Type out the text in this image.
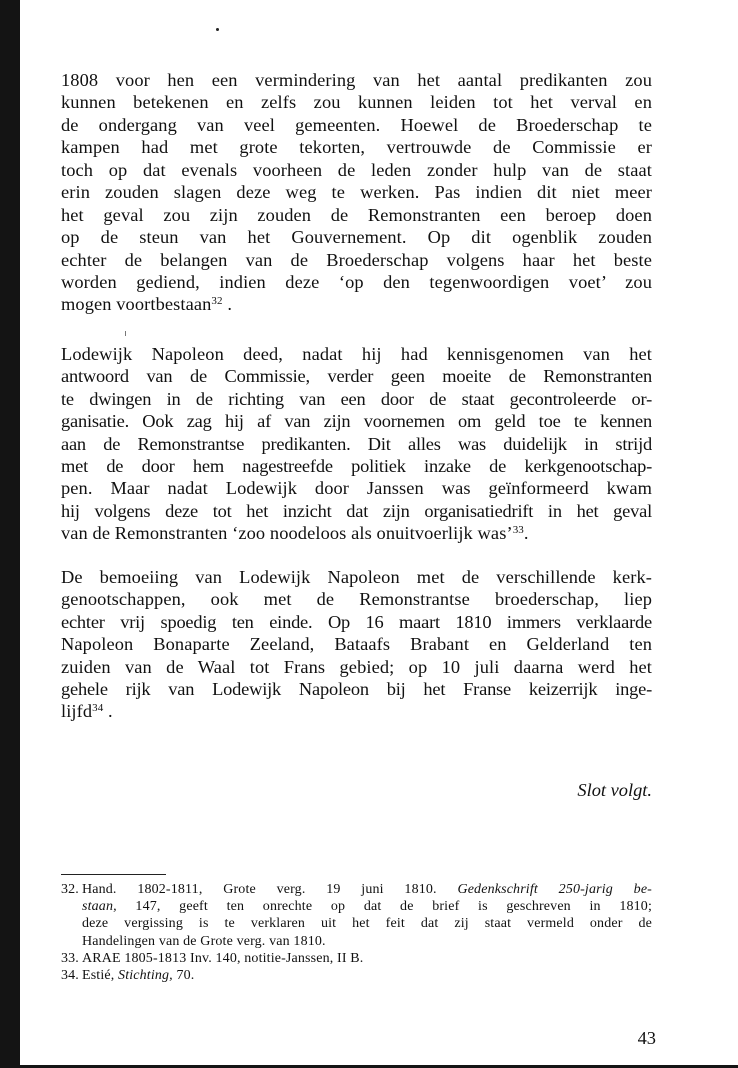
1808 voor hen een vermindering van het aantal predikanten zou
kunnen betekenen en zelfs zou kunnen leiden tot het verval en
de ondergang van veel gemeenten. Hoewel de Broederschap te
kampen had met grote tekorten, vertrouwde de Commissie er
toch op dat evenals voorheen de leden zonder hulp van de staat
erin zouden slagen deze weg te werken. Pas indien dit niet meer
het geval zou zijn zouden de Remonstranten een beroep doen
op de steun van het Gouvernement. Op dit ogenblik zouden
echter de belangen van de Broederschap volgens haar het beste
worden gediend, indien deze ‘op den tegenwoordigen voet’ zou
mogen voortbestaan$^{32}$ .

Lodewijk Napoleon deed, nadat hij had kennisgenomen van het
antwoord van de Commissie, verder geen moeite de Remonstranten
te dwingen in de richting van een door de staat gecontroleerde or-
ganisatie. Ook zag hij af van zijn voornemen om geld toe te kennen
aan de Remonstrantse predikanten. Dit alles was duidelijk in strijd
met de door hem nagestreefde politiek inzake de kerkgenootschap-
pen. Maar nadat Lodewijk door Janssen was geïnformeerd kwam
hij volgens deze tot het inzicht dat zijn organisatiedrift in het geval
van de Remonstranten ‘zoo noodeloos als onuitvoerlijk was’$^{33}$.

De bemoeiing van Lodewijk Napoleon met de verschillende kerk-
genootschappen, ook met de Remonstrantse broederschap, liep
echter vrij spoedig ten einde. Op 16 maart 1810 immers verklaarde
Napoleon Bonaparte Zeeland, Bataafs Brabant en Gelderland ten
zuiden van de Waal tot Frans gebied; op 10 juli daarna werd het
gehele rijk van Lodewijk Napoleon bij het Franse keizerrijk inge-
lijfd$^{34}$ .

Slot volgt.
32. Hand. 1802-1811, Grote verg. 19 juni 1810. Gedenkschrift 250-jarig be-
staan, 147, geeft ten onrechte op dat de brief is geschreven in 1810;
deze vergissing is te verklaren uit het feit dat zij staat vermeld onder de
Handelingen van de Grote verg. van 1810.
33. ARAE 1805-1813 Inv. 140, notitie-Janssen, II B.
34. Estié, Stichting, 70.
43
